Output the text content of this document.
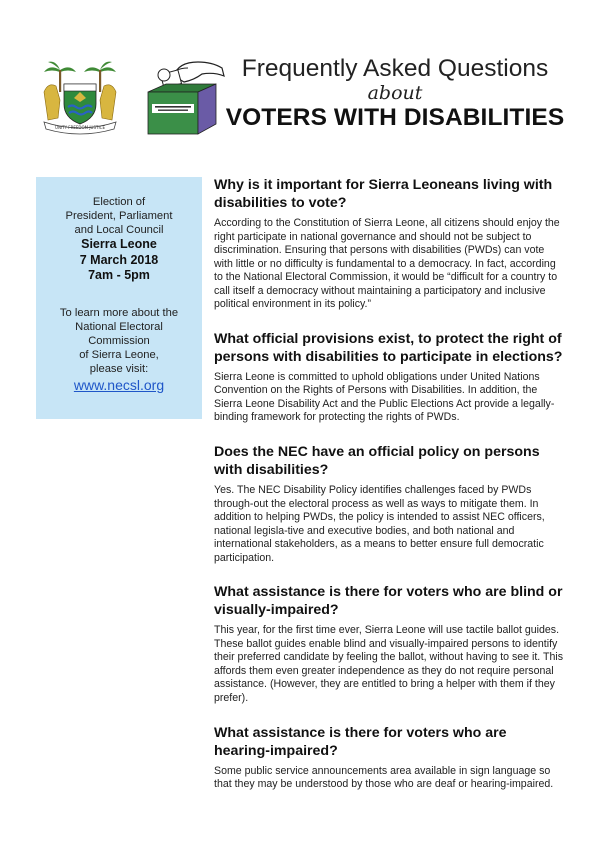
UNITY FREEDOM JUSTICE
Frequently Asked Questions
about
VOTERS WITH DISABILITIES
Election of
President, Parliament
and Local Council
Sierra Leone
7 March 2018
7am - 5pm
To learn more about the
National Electoral
Commission
of Sierra Leone,
please visit:
www.necsl.org

Why is it important for Sierra Leoneans living with disabilities to vote?

According to the Constitution of Sierra Leone, all citizens should enjoy the right participate in national governance and should not be subject to discrimination. Ensuring that persons with disabilities (PWDs) can vote with little or no difficulty is fundamental to a democracy. In fact, according to the National Electoral Commission, it would be “difficult for a country to call itself a democracy without maintaining a participatory and inclusive political environment in its policy.”

What official provisions exist, to protect the right of persons with disabilities to participate in elections?

Sierra Leone is committed to uphold obligations under United Nations Convention on the Rights of Persons with Disabilities. In addition, the Sierra Leone Disability Act and the Public Elections Act provide a legally-binding framework for protecting the rights of PWDs.

Does the NEC have an official policy on persons with disabilities?

Yes. The NEC Disability Policy identifies challenges faced by PWDs through-out the electoral process as well as ways to mitigate them. In addition to helping PWDs, the policy is intended to assist NEC officers, national legisla-tive and executive bodies, and both national and international stakeholders, as a means to better ensure full democratic participation.

What assistance is there for voters who are blind or visually-impaired?

This year, for the first time ever, Sierra Leone will use tactile ballot guides. These ballot guides enable blind and visually-impaired persons to identify their preferred candidate by feeling the ballot, without having to see it. This affords them even greater independence as they do not require personal assistance. (However, they are entitled to bring a helper with them if they prefer).

What assistance is there for voters who are hearing-impaired?

Some public service announcements area available in sign language so that they may be understood by those who are deaf or hearing-impaired.
